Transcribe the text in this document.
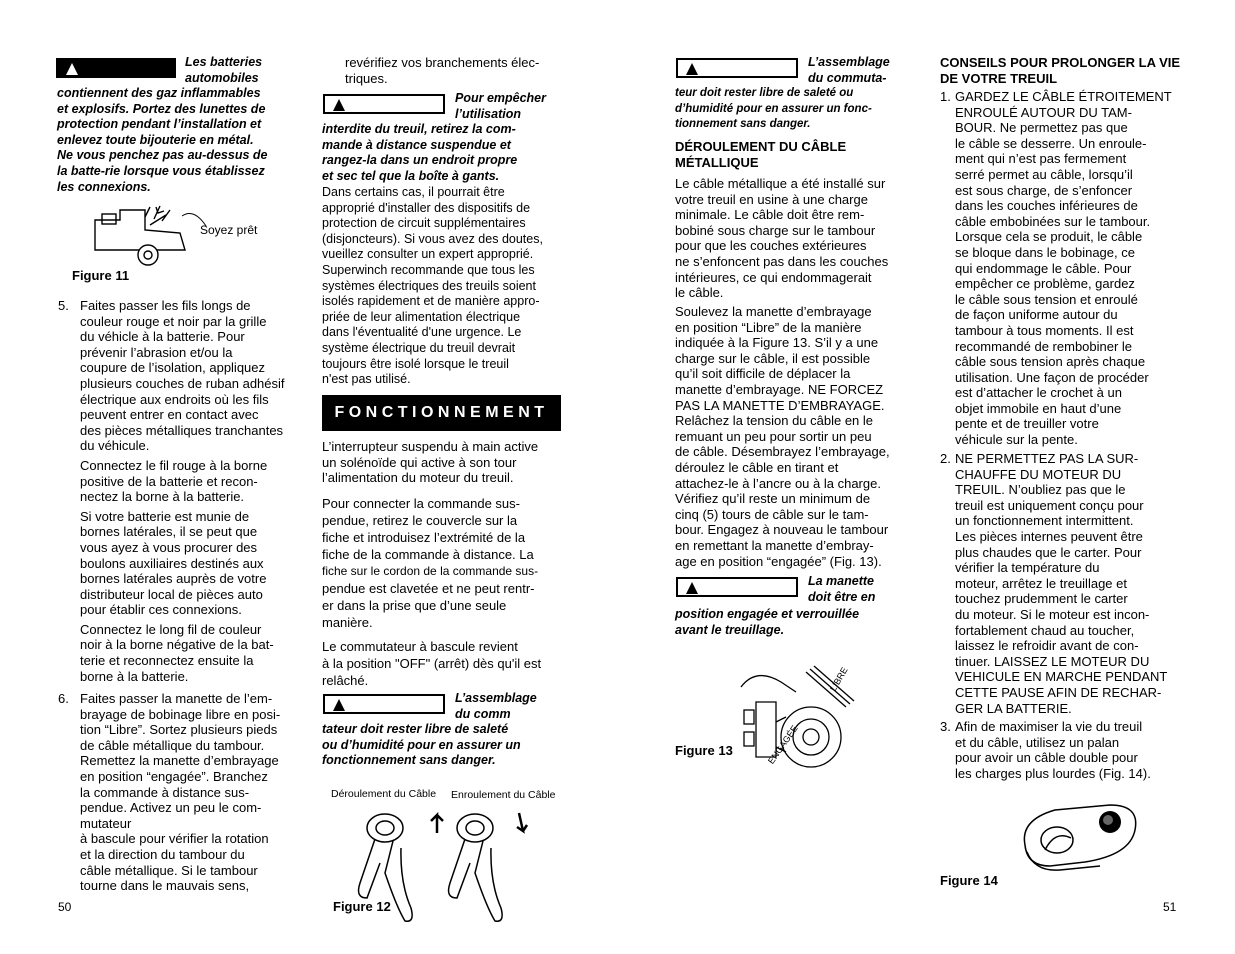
Les batteries
automobiles
contiennent des gaz inflammables
et explosifs. Portez des lunettes de
protection pendant l’installation et
enlevez toute bijouterie en métal.
Ne vous penchez pas au-dessus de
la batte-rie lorsque vous établissez
les connexions.
Soyez prêt
Figure 11
5. Faites passer les fils longs de
couleur rouge et noir par la grille
du véhicle à la batterie. Pour
prévenir l’abrasion et/ou la
coupure de l’isolation, appliquez
plusieurs couches de ruban adhésif
électrique aux endroits où les fils
peuvent entrer en contact avec
des pièces métalliques tranchantes
du véhicule.
Connectez le fil rouge à la borne
positive de la batterie et recon-
nectez la borne à la batterie.
Si votre batterie est munie de
bornes latérales, il se peut que
vous ayez à vous procurer des
boulons auxiliaires destinés aux
bornes latérales auprès de votre
distributeur local de pièces auto
pour établir ces connexions.
Connectez le long fil de couleur
noir à la borne négative de la bat-
terie et reconnectez ensuite la
borne à la batterie.
6. Faites passer la manette de l’em-
brayage de bobinage libre en posi-
tion “Libre”. Sortez plusieurs pieds
de câble métallique du tambour.
Remettez la manette d’embrayage
en position “engagée”. Branchez
la commande à distance sus-
pendue. Activez un peu le com-
mutateur
à bascule pour vérifier la rotation
et la direction du tambour du
câble métallique. Si le tambour
tourne dans le mauvais sens,
50
revérifiez vos branchements élec-
triques.
Pour empêcher
l’utilisation
interdite du treuil, retirez la com-
mande à distance suspendue et
rangez-la dans un endroit propre
et sec tel que la boîte à gants.
Dans certains cas, il pourrait être
approprié d'installer des dispositifs de
protection de circuit supplémentaires
(disjoncteurs). Si vous avez des doutes,
vueillez consulter un expert approprié.
Superwinch recommande que tous les
systèmes électriques des treuils soient
isolés rapidement et de manière appro-
priée de leur alimentation électrique
dans l'éventualité d'une urgence. Le
système électrique du treuil devrait
toujours être isolé lorsque le treuil
n'est pas utilisé.
FONCTIONNEMENT
L’interrupteur suspendu à main active
un solénoïde qui active à son tour
l’alimentation du moteur du treuil.
Pour connecter la commande sus-
pendue, retirez le couvercle sur la
fiche et introduisez l’extrémité de la
fiche de la commande à distance. La
fiche sur le cordon de la commande sus-
pendue est clavetée et ne peut rentr-
er dans la prise que d’une seule
manière.
Le commutateur à bascule revient
à la position "OFF" (arrêt) dès qu'il est
relâché.
L’assemblage
du comm
tateur doit rester libre de saleté
ou d’humidité pour en assurer un
fonctionnement sans danger.
Déroulement du Câble Enroulement du Câble
Figure 12
L’assemblage
du commuta-
teur doit rester libre de saleté ou
d’humidité pour en assurer un fonc-
tionnement sans danger.
DÉROULEMENT DU CÂBLE
MÉTALLIQUE
Le câble métallique a été installé sur
votre treuil en usine à une charge
minimale. Le câble doit être rem-
bobiné sous charge sur le tambour
pour que les couches extérieures
ne s’enfoncent pas dans les couches
intérieures, ce qui endommagerait
le câble.
Soulevez la manette d’embrayage
en position “Libre” de la manière
indiquée à la Figure 13. S’il y a une
charge sur le câble, il est possible
qu’il soit difficile de déplacer la
manette d’embrayage. NE FORCEZ
PAS LA MANETTE D’EMBRAYAGE.
Relâchez la tension du câble en le
remuant un peu pour sortir un peu
de câble. Désembrayez l’embrayage,
déroulez le câble en tirant et
attachez-le à l’ancre ou à la charge.
Vérifiez qu’il reste un minimum de
cinq (5) tours de câble sur le tam-
bour. Engagez à nouveau le tambour
en remettant la manette d’embray-
age en position “engagée” (Fig. 13).
La manette
doit être en
position engagée et verrouillée
avant le treuillage.
LIBRE
ENGAGÉE
Figure 13
CONSEILS POUR PROLONGER LA VIE
DE VOTRE TREUIL
1. GARDEZ LE CÂBLE ÉTROITEMENT
ENROULÉ AUTOUR DU TAM-
BOUR. Ne permettez pas que
le câble se desserre. Un enroule-
ment qui n’est pas fermement
serré permet au câble, lorsqu’il
est sous charge, de s’enfoncer
dans les couches inférieures de
câble embobinées sur le tambour.
Lorsque cela se produit, le câble
se bloque dans le bobinage, ce
qui endommage le câble. Pour
empêcher ce problème, gardez
le câble sous tension et enroulé
de façon uniforme autour du
tambour à tous moments. Il est
recommandé de rembobiner le
câble sous tension après chaque
utilisation. Une façon de procéder
est d’attacher le crochet à un
objet immobile en haut d’une
pente et de treuiller votre
véhicule sur la pente.
2. NE PERMETTEZ PAS LA SUR-
CHAUFFE DU MOTEUR DU
TREUIL. N’oubliez pas que le
treuil est uniquement conçu pour
un fonctionnement intermittent.
Les pièces internes peuvent être
plus chaudes que le carter. Pour
vérifier la température du
moteur, arrêtez le treuillage et
touchez prudemment le carter
du moteur. Si le moteur est incon-
fortablement chaud au toucher,
laissez le refroidir avant de con-
tinuer. LAISSEZ LE MOTEUR DU
VEHICULE EN MARCHE PENDANT
CETTE PAUSE AFIN DE RECHAR-
GER LA BATTERIE.
3. Afin de maximiser la vie du treuil
et du câble, utilisez un palan
pour avoir un câble double pour
les charges plus lourdes (Fig. 14).
Figure 14
51
